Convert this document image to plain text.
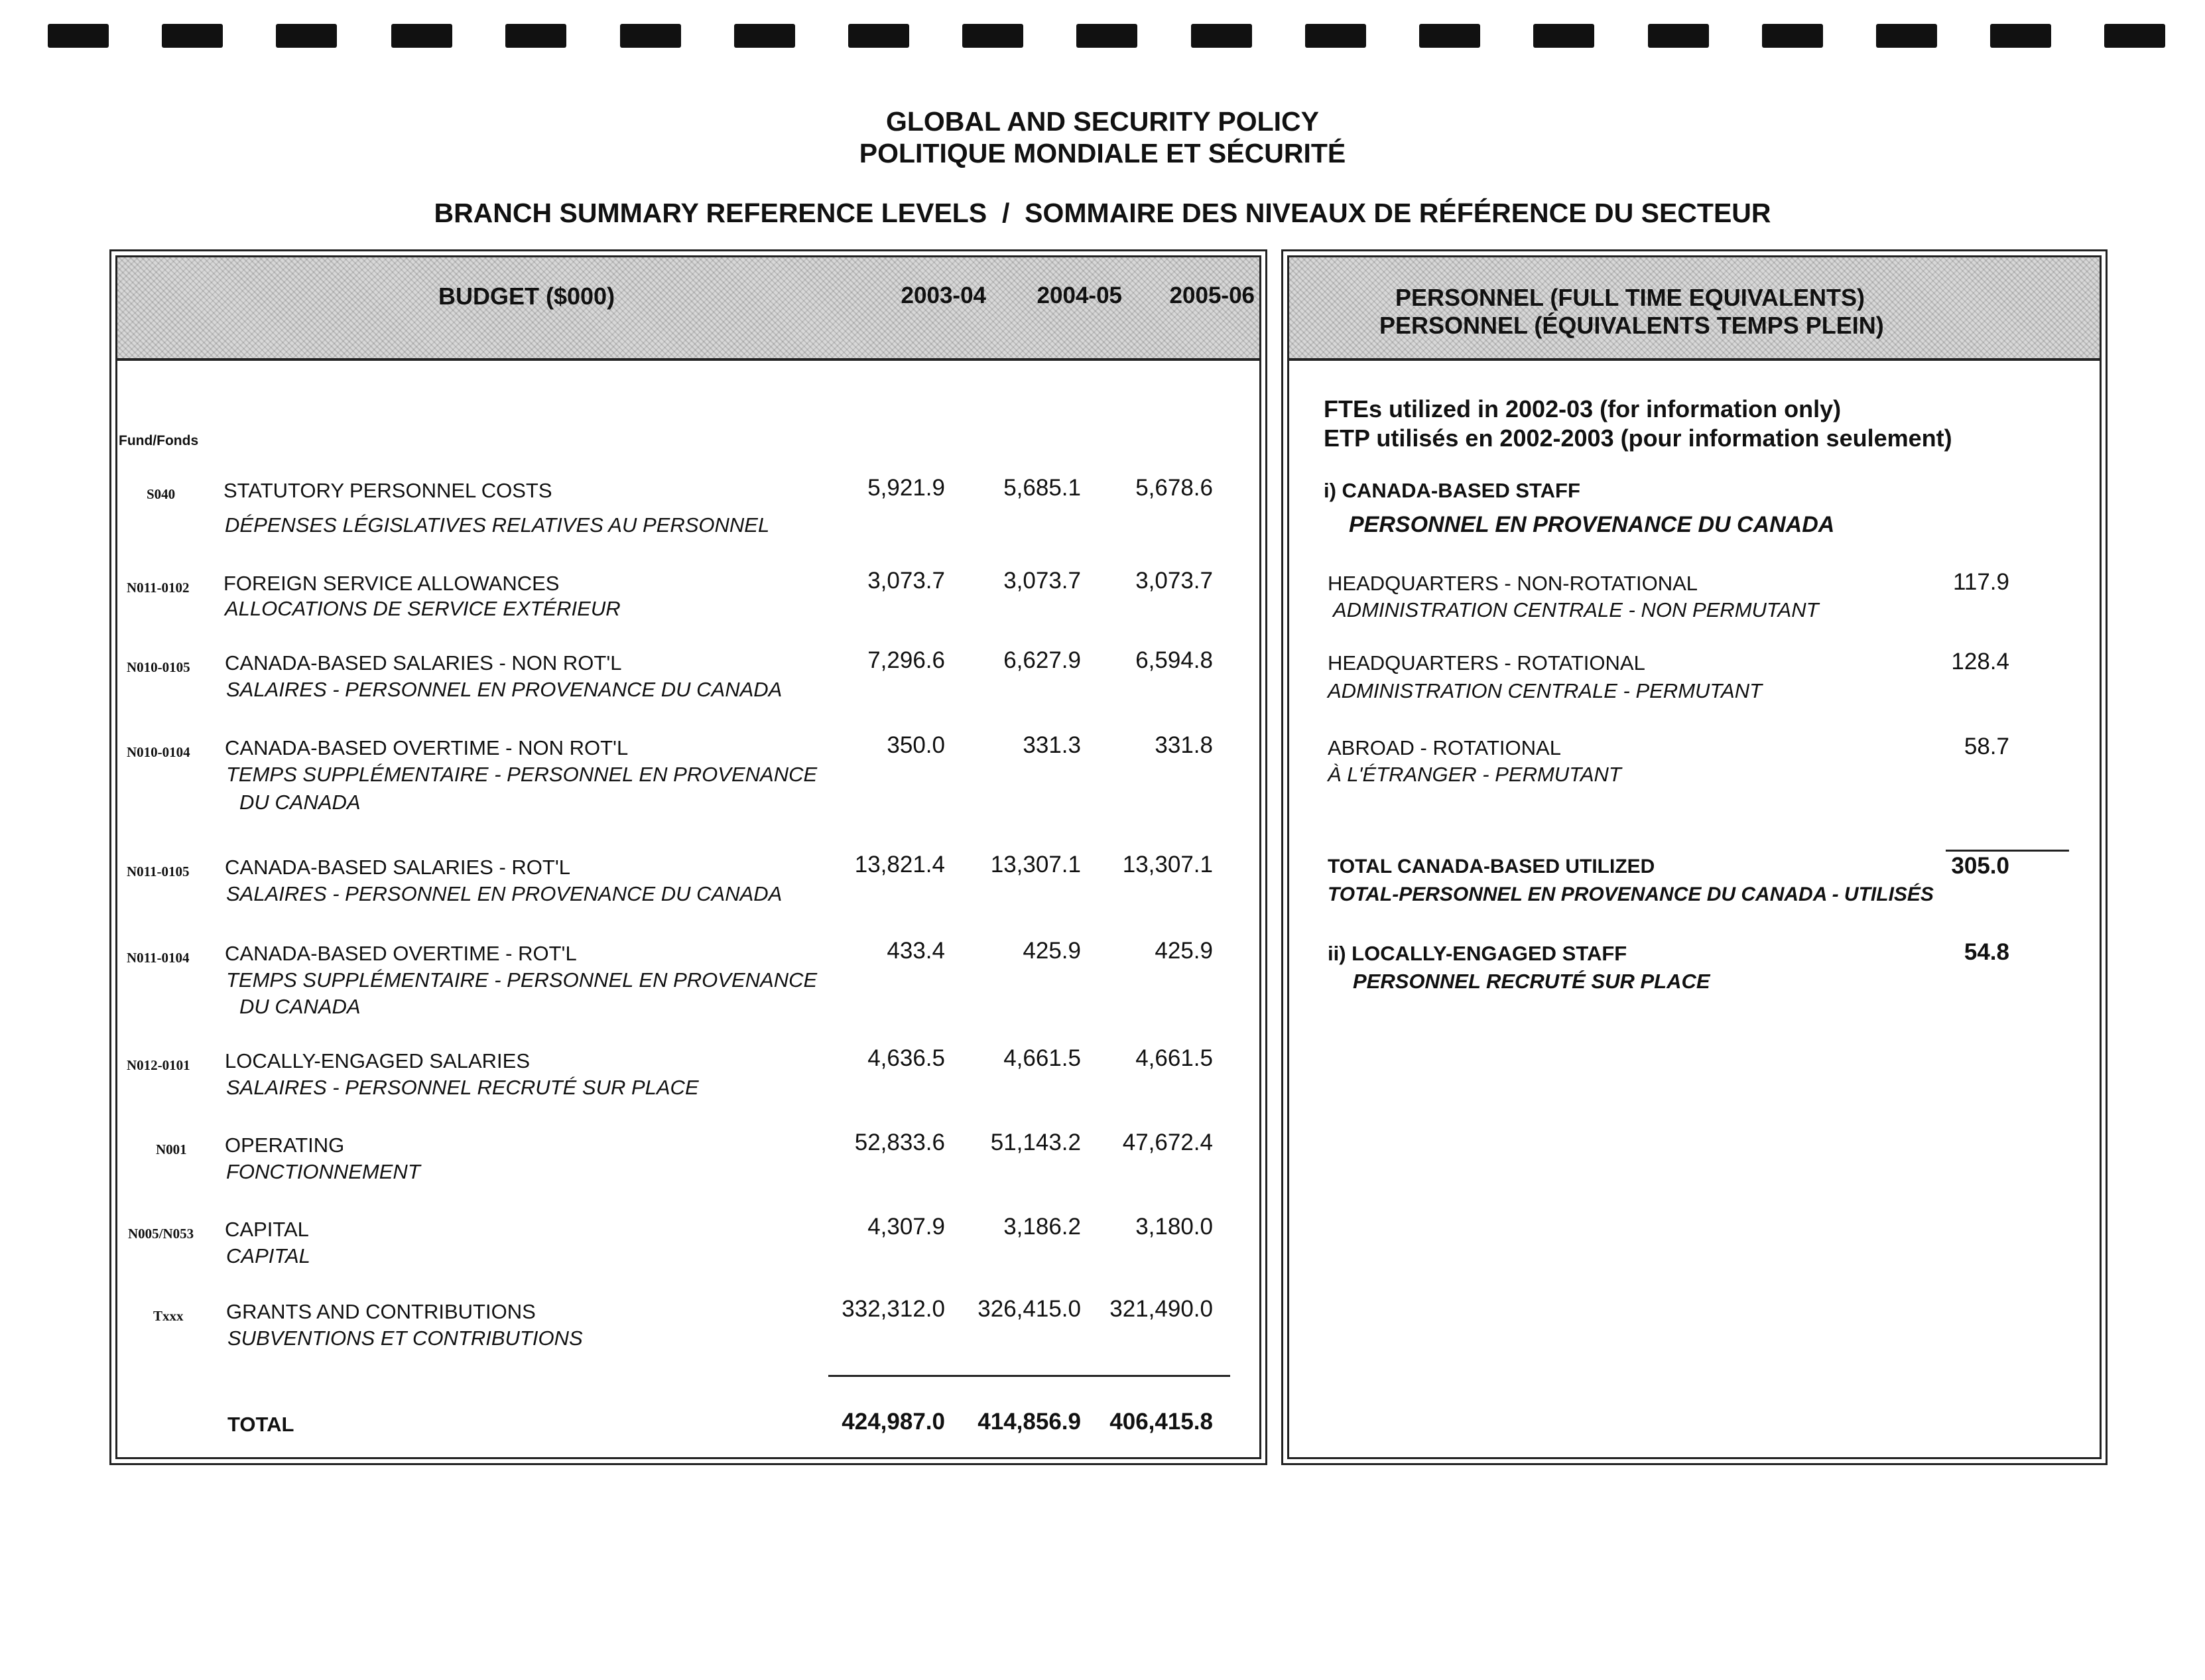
GLOBAL AND SECURITY POLICY
POLITIQUE MONDIALE ET SÉCURITÉ
BRANCH SUMMARY REFERENCE LEVELS  /  SOMMAIRE DES NIVEAUX DE RÉFÉRENCE DU SECTEUR
BUDGET ($000)	2003-04	2004-05	2005-06
Fund/Fonds
S040 STATUTORY PERSONNEL COSTS
DÉPENSES LÉGISLATIVES RELATIVES AU PERSONNEL
5,921.9	5,685.1	5,678.6
N011-0102 FOREIGN SERVICE ALLOWANCES
ALLOCATIONS DE SERVICE EXTÉRIEUR
3,073.7	3,073.7	3,073.7
N010-0105 CANADA-BASED SALARIES - NON ROT'L
SALAIRES - PERSONNEL EN PROVENANCE DU CANADA
7,296.6	6,627.9	6,594.8
N010-0104 CANADA-BASED OVERTIME - NON ROT'L
TEMPS SUPPLÉMENTAIRE - PERSONNEL EN PROVENANCE
DU CANADA
350.0	331.3	331.8
N011-0105 CANADA-BASED SALARIES - ROT'L
SALAIRES - PERSONNEL EN PROVENANCE DU CANADA
13,821.4	13,307.1	13,307.1
N011-0104 CANADA-BASED OVERTIME - ROT'L
TEMPS SUPPLÉMENTAIRE - PERSONNEL EN PROVENANCE
DU CANADA
433.4	425.9	425.9
N012-0101 LOCALLY-ENGAGED SALARIES
SALAIRES - PERSONNEL RECRUTÉ SUR PLACE
4,636.5	4,661.5	4,661.5
N001 OPERATING
FONCTIONNEMENT
52,833.6	51,143.2	47,672.4
N005/N053 CAPITAL
CAPITAL
4,307.9	3,186.2	3,180.0
Txxx GRANTS AND CONTRIBUTIONS
SUBVENTIONS ET CONTRIBUTIONS
332,312.0	326,415.0	321,490.0
TOTAL	424,987.0	414,856.9	406,415.8
PERSONNEL (FULL TIME EQUIVALENTS)
PERSONNEL (ÉQUIVALENTS TEMPS PLEIN)
FTEs utilized in 2002-03 (for information only)
ETP utilisés en 2002-2003 (pour information seulement)
i) CANADA-BASED STAFF
PERSONNEL EN PROVENANCE DU CANADA
HEADQUARTERS - NON-ROTATIONAL
ADMINISTRATION CENTRALE - NON PERMUTANT
117.9
HEADQUARTERS - ROTATIONAL
ADMINISTRATION CENTRALE - PERMUTANT
128.4
ABROAD - ROTATIONAL
À L'ÉTRANGER - PERMUTANT
58.7
TOTAL CANADA-BASED UTILIZED
TOTAL-PERSONNEL EN PROVENANCE DU CANADA - UTILISÉS
305.0
ii) LOCALLY-ENGAGED STAFF
PERSONNEL RECRUTÉ SUR PLACE
54.8
